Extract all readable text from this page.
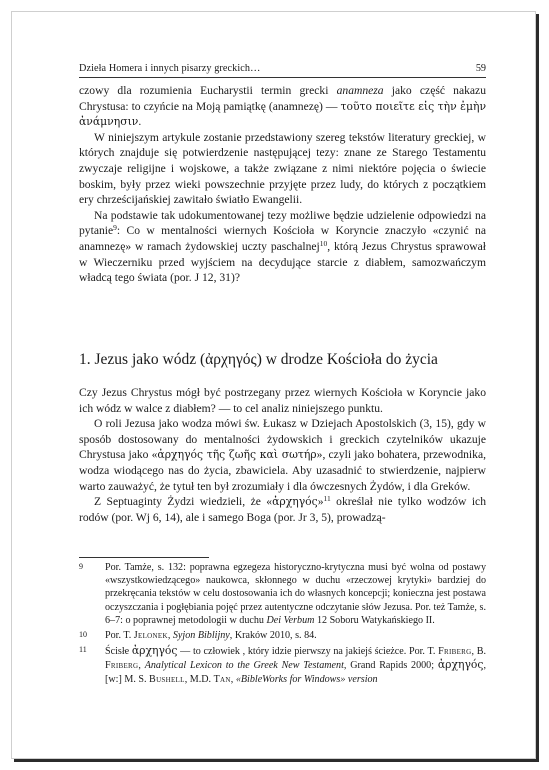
Dzieła Homera i innych pisarzy greckich…	59

czowy dla rozumienia Eucharystii termin grecki anamneza jako część nakazu Chrystusa: to czyńcie na Moją pamiątkę (anamnezę) — τοῦτο ποιεῖτε εἰς τὴν ἐμὴν ἀνάμνησιν.

W niniejszym artykule zostanie przedstawiony szereg tekstów literatury greckiej, w których znajduje się potwierdzenie następującej tezy: znane ze Starego Testamentu zwyczaje religijne i wojskowe, a także związane z nimi niektóre pojęcia o świecie boskim, były przez wieki powszechnie przyjęte przez ludy, do których z początkiem ery chrześcijańskiej zawitało światło Ewangelii.

Na podstawie tak udokumentowanej tezy możliwe będzie udzielenie odpowiedzi na pytanie$^9$: Co w mentalności wiernych Kościoła w Koryncie znaczyło «czynić na anamnezę» w ramach żydowskiej uczty paschalnej$^{10}$, którą Jezus Chrystus sprawował w Wieczerniku przed wyjściem na decydujące starcie z diabłem, samozwańczym władcą tego świata (por. J 12, 31)?

1. Jezus jako wódz (ἀρχηγός) w drodze Kościoła do życia

Czy Jezus Chrystus mógł być postrzegany przez wiernych Kościoła w Koryncie jako ich wódz w walce z diabłem? — to cel analiz niniejszego punktu.

O roli Jezusa jako wodza mówi św. Łukasz w Dziejach Apostolskich (3, 15), gdy w sposób dostosowany do mentalności żydowskich i greckich czytelników ukazuje Chrystusa jako «ἀρχηγός τῆς ζωῆς καὶ σωτήρ», czyli jako bohatera, przewodnika, wodza wiodącego nas do życia, zbawiciela. Aby uzasadnić to stwierdzenie, najpierw warto zauważyć, że tytuł ten był zrozumiały i dla ówczesnych Żydów, i dla Greków.

Z Septuaginty Żydzi wiedzieli, że «ἀρχηγός»$^{11}$ określał nie tylko wodzów ich rodów (por. Wj 6, 14), ale i samego Boga (por. Jr 3, 5), prowadzą-

9 Por. Tamże, s. 132: poprawna egzegeza historyczno-krytyczna musi być wolna od postawy «wszystkowiedzącego» naukowca, skłonnego w duchu «rzeczowej krytyki» bardziej do przekręcania tekstów w celu dostosowania ich do własnych koncepcji; konieczna jest postawa oczyszczania i pogłębiania pojęć przez autentyczne odczytanie słów Jezusa. Por. też Tamże, s. 6–7: o poprawnej metodologii w duchu Dei Verbum 12 Soboru Watykańskiego II.
10 Por. T. Jelonek, Syjon Biblijny, Kraków 2010, s. 84.
11 Ścisłe ἀρχηγός — to człowiek , który idzie pierwszy na jakiejś ścieżce. Por. T. Friberg, B. Friberg, Analytical Lexicon to the Greek New Testament, Grand Rapids 2000; ἀρχηγός, [w:] M. S. Bushell, M.D. Tan, «BibleWorks for Windows» version
